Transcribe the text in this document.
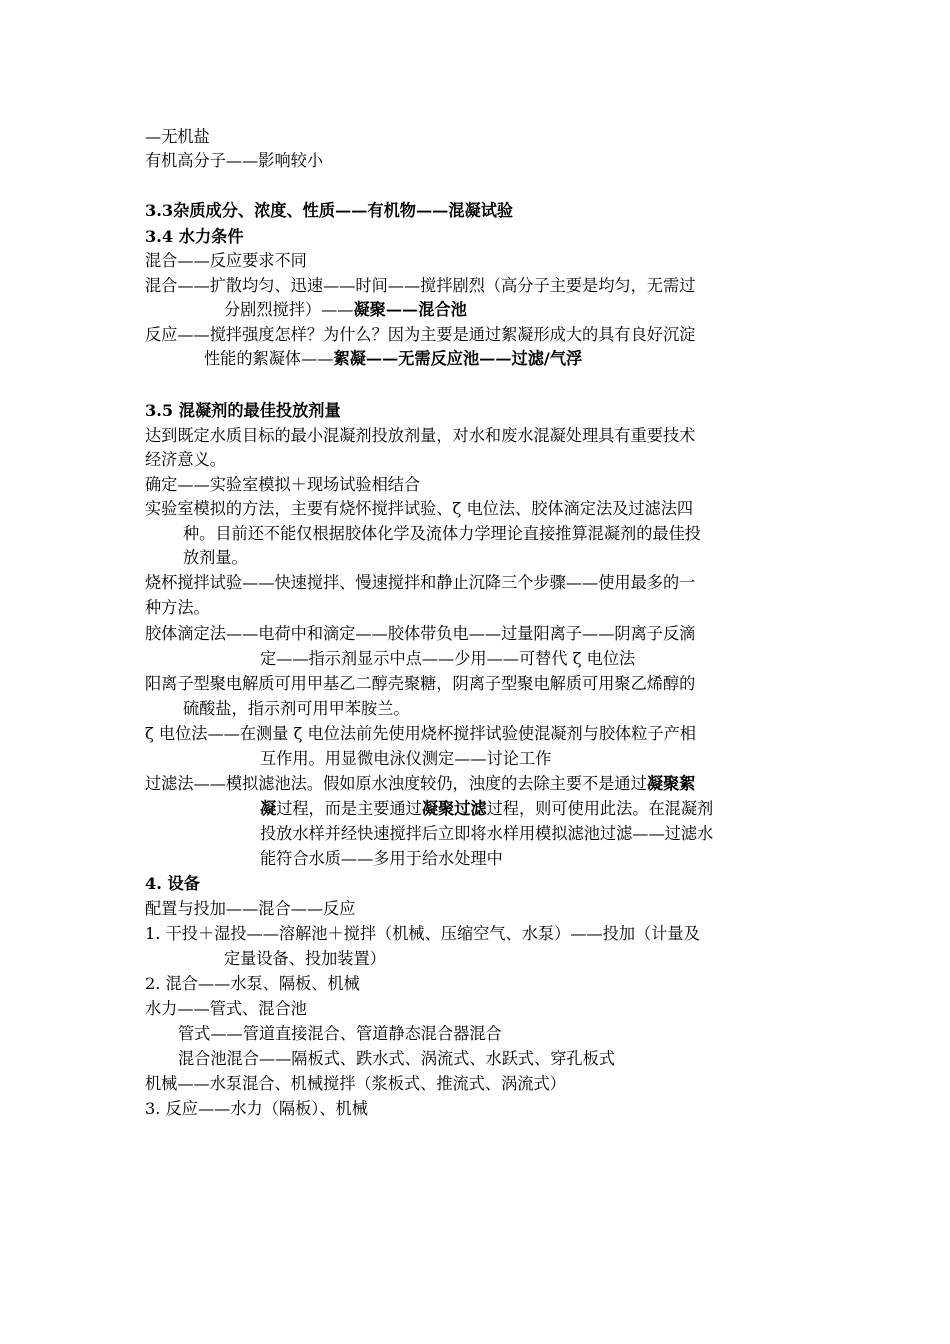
—无机盐
有机高分子——影响较小
3.3杂质成分、浓度、性质——有机物——混凝试验
3.4 水力条件
混合——反应要求不同
混合——扩散均匀、迅速——时间——搅拌剧烈（高分子主要是均匀，无需过
分剧烈搅拌）——凝聚——混合池
反应——搅拌强度怎样？为什么？因为主要是通过絮凝形成大的具有良好沉淀
性能的絮凝体——絮凝——无需反应池——过滤/气浮
3.5 混凝剂的最佳投放剂量
达到既定水质目标的最小混凝剂投放剂量，对水和废水混凝处理具有重要技术
经济意义。
确定——实验室模拟＋现场试验相结合
实验室模拟的方法，主要有烧怀搅拌试验、ζ 电位法、胶体滴定法及过滤法四
种。目前还不能仅根据胶体化学及流体力学理论直接推算混凝剂的最佳投
放剂量。
烧杯搅拌试验——快速搅拌、慢速搅拌和静止沉降三个步骤——使用最多的一
种方法。
胶体滴定法——电荷中和滴定——胶体带负电——过量阳离子——阴离子反滴
定——指示剂显示中点——少用——可替代 ζ 电位法
阳离子型聚电解质可用甲基乙二醇壳聚糖，阴离子型聚电解质可用聚乙烯醇的
硫酸盐，指示剂可用甲苯胺兰。
ζ 电位法——在测量 ζ 电位法前先使用烧杯搅拌试验使混凝剂与胶体粒子产相
互作用。用显微电泳仪测定——讨论工作
过滤法——模拟滤池法。假如原水浊度较仍，浊度的去除主要不是通过凝聚絮
凝过程，而是主要通过凝聚过滤过程，则可使用此法。在混凝剂
投放水样并经快速搅拌后立即将水样用模拟滤池过滤——过滤水
能符合水质——多用于给水处理中
4. 设备
配置与投加——混合——反应
1. 干投＋湿投——溶解池＋搅拌（机械、压缩空气、水泵）——投加（计量及
定量设备、投加装置）
2. 混合——水泵、隔板、机械
水力——管式、混合池
管式——管道直接混合、管道静态混合器混合
混合池混合——隔板式、跌水式、涡流式、水跃式、穿孔板式
机械——水泵混合、机械搅拌（浆板式、推流式、涡流式）
3. 反应——水力（隔板）、机械
